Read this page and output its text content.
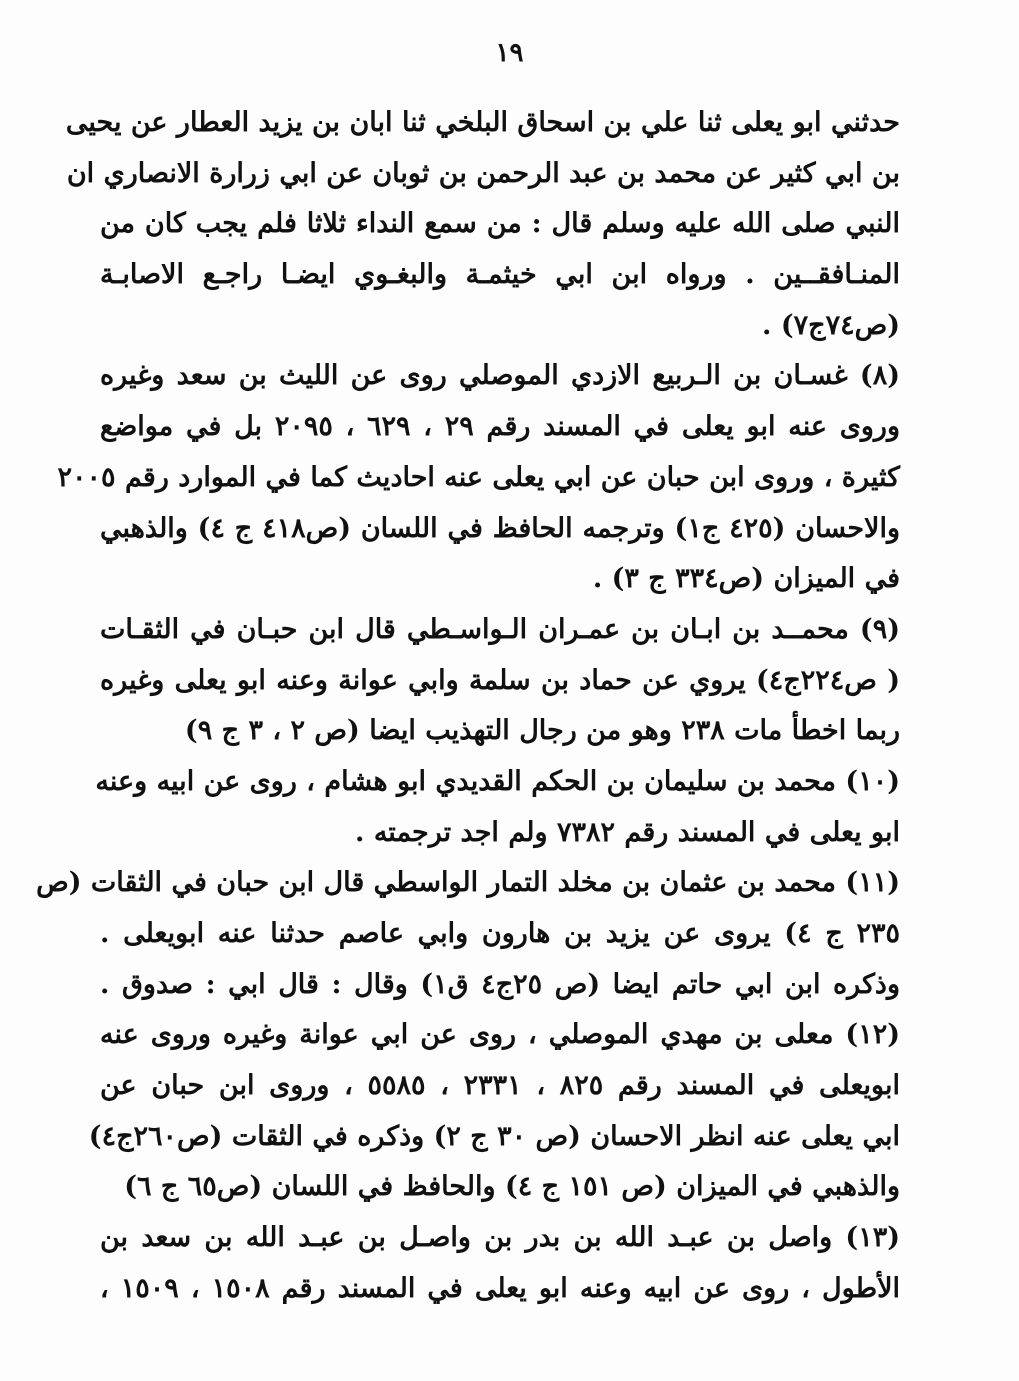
١٩
حدثني ابو يعلى ثنا علي بن اسحاق البلخي ثنا ابان بن يزيد العطار عن يحيى
بن ابي كثير عن محمد بن عبد الرحمن بن ثوبان عن ابي زرارة الانصاري ان
النبي صلى الله عليه وسلم قال : من سمع النداء ثلاثا فلم يجب كان من
المنـافقــين . ورواه ابن ابي خيثمـة والبغـوي ايضـا راجـع الاصابـة
(ص٧٤ج٧) .
(٨) غسـان بن الـربيع الازدي الموصلي روى عن الليث بن سعد وغيره
وروى عنه ابو يعلى في المسند رقم ٢٩ ، ٦٢٩ ، ٢٠٩٥ بل في مواضع
كثيرة ، وروى ابن حبان عن ابي يعلى عنه احاديث كما في الموارد رقم ٢٠٠٥
والاحسان (٤٢٥ ج١) وترجمه الحافظ في اللسان (ص٤١٨ ج ٤) والذهبي
في الميزان (ص٣٣٤ ج ٣) .
(٩) محمــد بن ابـان بن عمـران الـواسـطي قال ابن حبـان في الثقـات
( ص٢٢٤ج٤) يروي عن حماد بن سلمة وابي عوانة وعنه ابو يعلى وغيره
ربما اخطأ مات ٢٣٨ وهو من رجال التهذيب ايضا (ص ٢ ، ٣ ج ٩)
(١٠) محمد بن سليمان بن الحكم القديدي ابو هشام ، روى عن ابيه وعنه
ابو يعلى في المسند رقم ٧٣٨٢ ولم اجد ترجمته .
(١١) محمد بن عثمان بن مخلد التمار الواسطي قال ابن حبان في الثقات (ص
٢٣٥ ج ٤) يروى عن يزيد بن هارون وابي عاصم حدثنا عنه ابويعلى .
وذكره ابن ابي حاتم ايضا (ص ٢٥ج٤ ق١) وقال : قال ابي : صدوق .
(١٢) معلى بن مهدي الموصلي ، روى عن ابي عوانة وغيره وروى عنه
ابويعلى في المسند رقم ٨٢٥ ، ٢٣٣١ ، ٥٥٨٥ ، وروى ابن حبان عن
ابي يعلى عنه انظر الاحسان (ص ٣٠ ج ٢) وذكره في الثقات (ص٢٦٠ج٤)
والذهبي في الميزان (ص ١٥١ ج ٤) والحافظ في اللسان (ص٦٥ ج ٦)
(١٣) واصل بن عبـد الله بن بدر بن واصـل بن عبـد الله بن سعد بن
الأطول ، روى عن ابيه وعنه ابو يعلى في المسند رقم ١٥٠٨ ، ١٥٠٩ ،
